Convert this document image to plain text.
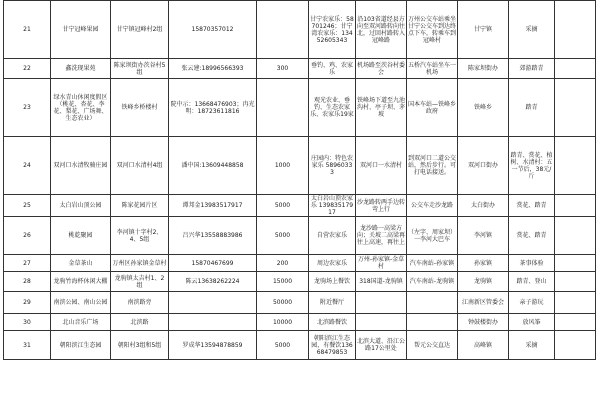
21	甘宁冠峰果园	甘宁镇冠峰村2组	15870357012		甘宁农家乐：58701246；甘宁湾农家乐：13452605343	沿103省道经县方向至双河路转向往北，过回村路转入冠峰路	万州公交车站乘坐甘宁公交车到达终点下车，转乘车到冠峰村	甘宁镇	采摘	
22	鑫洗现果苑	陈家坝街办茨谷村5组	张云建:18996566393	300	垂钓、鸡、农家乐	机场路至茨谷村委会	五桥汽车站坐车一机场	陈家坝街办	郊游踏青	
23	绿水青山休闲度假区（桃花、杏花、李花、梨花、广场舞、生态农业）	铁峰乡桥楼村	院中示：13668476903；冉光明：18723611816		观光农业、垂钓、生态农家乐、农家乐19家	铁峰场下道至九池沟村、亭子坝、茅坡	国本车站—铁峰乡政府	铁峰乡	踏青	
24	双河口水清牧骑庄园	双河口水清村4组	潘中国:13609448858	1000	庄园内：特色农家乐 58960333	双河口一水清村	到双河口二道公交站，然后步行。可打电话接送。	双河口街办	踏青、赏花、植树、水清村：五一节后，38元/斤	
25	太白岩山顶公园	陈家花园片区	谭邦金13983517917	5000	太白岩山顶农家乐 13983517917	沙龙路转两手边转弯上行	公交车走沙龙路	太白街办	赏花、踏青	
26	桃乾聚园	李河镇十字村2、4、5组	吕兴华13558883986	5000	自营农家乐	龙沙路一高梁方向；关坡二高梁再往上高速，再往上	（左字、周家坝）一李河大巴车	李河镇	赏花、踏青	
27	金草茶山	万州区孙家镇金草村	15870467699	200	周边农家乐	万州-孙家镇-金草村	汽车南站-孙家镇	孙家镇	茶事体验	
28	龙驹竹海杯休闲大棚	龙驹镇太吉村1、2组	陈云13638262224	15000	龙驹场上餐饮	318国道-龙驹镇	汽车南站-龙驹镇	龙驹镇	踏青、登山	
29	南滨公园、南山公园	南滨路旁		50000	附近餐厅			江南新区管委会	亲子游玩	
30	北山音乐广场	北滨路		10000	北滨路餐饮			钟鼓楼街办	放风筝	
31	朝阳滨江生态园	朝阳村3组和5组	罗成华13594878859	5000	朝阳滨江生态园，有餐饮13668479853	北滨大道、沿江公路17公里处	帮元公交直达	高峰镇	采摘	
